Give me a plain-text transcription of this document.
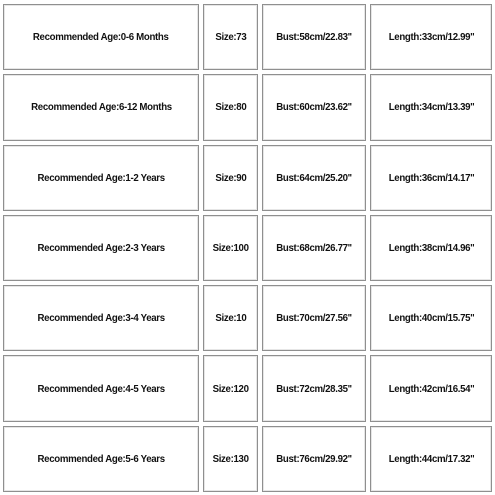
Recommended Age:0-6 Months	Size:73	Bust:58cm/22.83''	Length:33cm/12.99''
Recommended Age:6-12 Months	Size:80	Bust:60cm/23.62''	Length:34cm/13.39''
Recommended Age:1-2 Years	Size:90	Bust:64cm/25.20''	Length:36cm/14.17''
Recommended Age:2-3 Years	Size:100	Bust:68cm/26.77''	Length:38cm/14.96''
Recommended Age:3-4 Years	Size:10	Bust:70cm/27.56''	Length:40cm/15.75''
Recommended Age:4-5 Years	Size:120	Bust:72cm/28.35''	Length:42cm/16.54''
Recommended Age:5-6 Years	Size:130	Bust:76cm/29.92''	Length:44cm/17.32''
